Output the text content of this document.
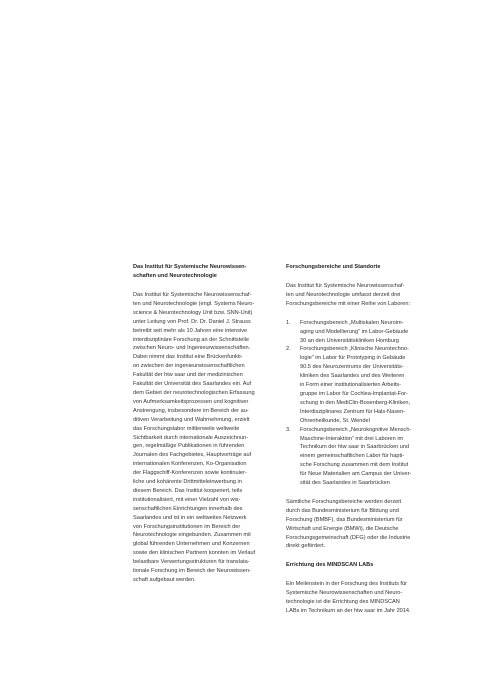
Das Institut für Systemische Neurowissen-
schaften und Neurotechnologie

Das Institut für Systemische Neurowissenschaf-
ten und Neurotechnologie (engl. Systems Neuro-
science & Neurotechnology Unit bzw. SNN-Unit)
unter Leitung von Prof. Dr. Dr. Daniel J. Strauss
betreibt seit mehr als 10 Jahren eine intensive
interdisziplinäre Forschung an der Schnittstelle
zwischen Neuro- und Ingenieurwissenschaften.
Dabei nimmt das Institut eine Brückenfunkti-
on zwischen der ingenieurwissenschaftlichen
Fakultät der htw saar und der medizinischen
Fakultät der Universität des Saarlandes ein. Auf
dem Gebiet der neurotechnologischen Erfassung
von Aufmerksamkeitsprozessen und kognitiver
Anstrengung, insbesondere im Bereich der au-
ditiven Verarbeitung und Wahrnehmung, erzielt
das Forschungslabor mittlerweile weltweite
Sichtbarkeit durch internationale Auszeichnun-
gen, regelmäßige Publikationen in führenden
Journalen des Fachgebietes, Hauptvorträge auf
internationalen Konferenzen, Ko-Organisation
der Flaggschiff-Konferenzen sowie kontinuier-
liche und kohärente Drittmitteleinwerbung in
diesem Bereich. Das Institut kooperiert, teils
institutionalisiert, mit einer Vielzahl von wis-
senschaftlichen Einrichtungen innerhalb des
Saarlandes und ist in ein weltweites Netzwerk
von Forschungsinstitutionen im Bereich der
Neurotechnologie eingebunden. Zusammen mit
global führenden Unternehmen und Konzernen
sowie den klinischen Partnern konnten im Verlauf
belastbare Verwertungsstrukturen für translata-
tionale Forschung im Bereich der Neurowissen-
schaft aufgebaut werden.

Forschungsbereiche und Standorte

Das Institut für Systemische Neurowissenschaf-
ten und Neurotechnologie umfasst derzeit drei
Forschungsbereiche mit einer Reihe von Laboren:

1.	Forschungsbereich „Multiskalen Neuroim-
aging und Modellierung“ im Labor-Gebäude
30 an den Universitätskliniken Homburg
2.	Forschungsbereich „Klinische Neurotechno-
logie“ im Labor für Prototyping in Gebäude
90.5 des Neurozentrums der Universitäts-
kliniken des Saarlandes und des Weiteren
in Form einer institutionalisierten Arbeits-
gruppe im Labor für Cochlea-Implantat-For-
schung in den MediClin-Bosenberg-Kliniken,
Interdisziplinares Zentrum für Hals-Nasen-
Ohrenheilkunde, St. Wendel
3.	Forschungsbereich „Neurokognitive Mensch-
Maschine-Interaktion“ mit drei Laboren im
Technikum der htw saar in Saarbrücken und
einem gemeinschaftlichen Labor für hapti-
sche Forschung zusammen mit dem Institut
für Neue Materialien am Campus der Univer-
sität des Saarlandes in Saarbrücken

Sämtliche Forschungsbereiche werden derzeit
durch das Bundesministerium für Bildung und
Forschung (BMBF), das Bundesministerium für
Wirtschaft und Energie (BMWi), die Deutsche
Forschungsgemeinschaft (DFG) oder die Industrie
direkt gefördert.

Errichtung des MINDSCAN LABs

Ein Meilenstein in der Forschung des Instituts für
Systemische Neurowissenschaften und Neuro-
technologie ist die Errichtung des MINDSCAN
LABs im Technikum an der htw saar im Jahr 2014.
